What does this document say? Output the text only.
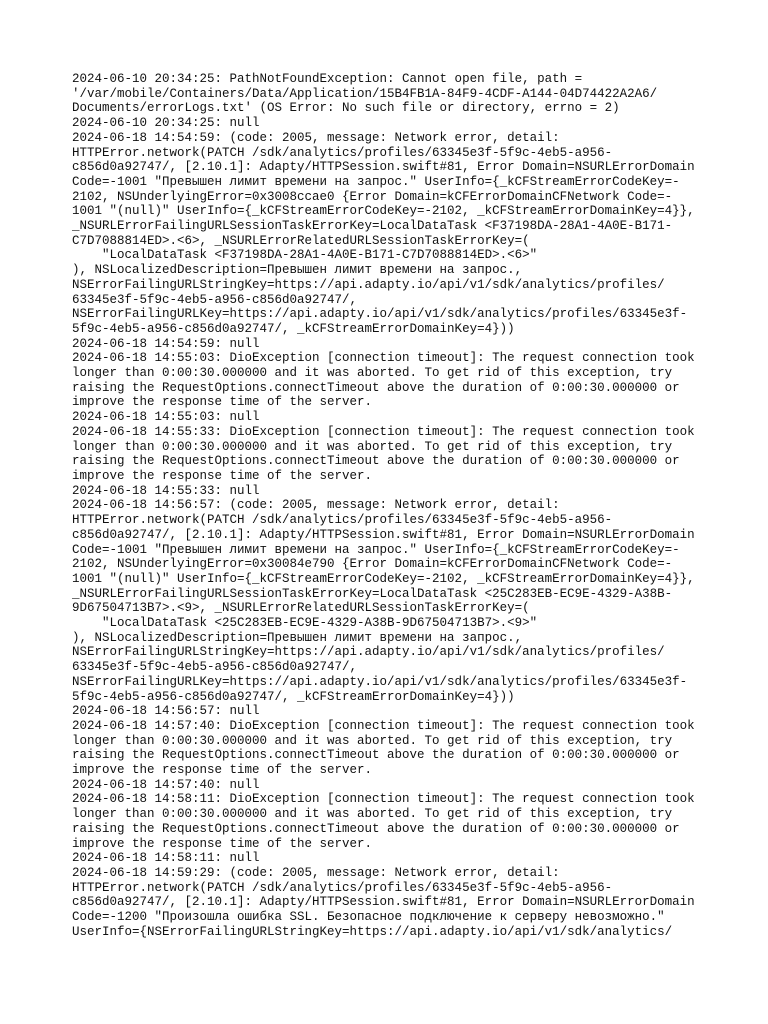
2024-06-10 20:34:25: PathNotFoundException: Cannot open file, path =
'/var/mobile/Containers/Data/Application/15B4FB1A-84F9-4CDF-A144-04D74422A2A6/
Documents/errorLogs.txt' (OS Error: No such file or directory, errno = 2)
2024-06-10 20:34:25: null
2024-06-18 14:54:59: (code: 2005, message: Network error, detail:
HTTPError.network(PATCH /sdk/analytics/profiles/63345e3f-5f9c-4eb5-a956-
c856d0a92747/, [2.10.1]: Adapty/HTTPSession.swift#81, Error Domain=NSURLErrorDomain
Code=-1001 "Превышен лимит времени на запрос." UserInfo={_kCFStreamErrorCodeKey=-
2102, NSUnderlyingError=0x3008ccae0 {Error Domain=kCFErrorDomainCFNetwork Code=-
1001 "(null)" UserInfo={_kCFStreamErrorCodeKey=-2102, _kCFStreamErrorDomainKey=4}},
_NSURLErrorFailingURLSessionTaskErrorKey=LocalDataTask <F37198DA-28A1-4A0E-B171-
C7D7088814ED>.<6>, _NSURLErrorRelatedURLSessionTaskErrorKey=(
"LocalDataTask <F37198DA-28A1-4A0E-B171-C7D7088814ED>.<6>"
), NSLocalizedDescription=Превышен лимит времени на запрос.,
NSErrorFailingURLStringKey=https://api.adapty.io/api/v1/sdk/analytics/profiles/
63345e3f-5f9c-4eb5-a956-c856d0a92747/,
NSErrorFailingURLKey=https://api.adapty.io/api/v1/sdk/analytics/profiles/63345e3f-
5f9c-4eb5-a956-c856d0a92747/, _kCFStreamErrorDomainKey=4}))
2024-06-18 14:54:59: null
2024-06-18 14:55:03: DioException [connection timeout]: The request connection took
longer than 0:00:30.000000 and it was aborted. To get rid of this exception, try
raising the RequestOptions.connectTimeout above the duration of 0:00:30.000000 or
improve the response time of the server.
2024-06-18 14:55:03: null
2024-06-18 14:55:33: DioException [connection timeout]: The request connection took
longer than 0:00:30.000000 and it was aborted. To get rid of this exception, try
raising the RequestOptions.connectTimeout above the duration of 0:00:30.000000 or
improve the response time of the server.
2024-06-18 14:55:33: null
2024-06-18 14:56:57: (code: 2005, message: Network error, detail:
HTTPError.network(PATCH /sdk/analytics/profiles/63345e3f-5f9c-4eb5-a956-
c856d0a92747/, [2.10.1]: Adapty/HTTPSession.swift#81, Error Domain=NSURLErrorDomain
Code=-1001 "Превышен лимит времени на запрос." UserInfo={_kCFStreamErrorCodeKey=-
2102, NSUnderlyingError=0x30084e790 {Error Domain=kCFErrorDomainCFNetwork Code=-
1001 "(null)" UserInfo={_kCFStreamErrorCodeKey=-2102, _kCFStreamErrorDomainKey=4}},
_NSURLErrorFailingURLSessionTaskErrorKey=LocalDataTask <25C283EB-EC9E-4329-A38B-
9D67504713B7>.<9>, _NSURLErrorRelatedURLSessionTaskErrorKey=(
"LocalDataTask <25C283EB-EC9E-4329-A38B-9D67504713B7>.<9>"
), NSLocalizedDescription=Превышен лимит времени на запрос.,
NSErrorFailingURLStringKey=https://api.adapty.io/api/v1/sdk/analytics/profiles/
63345e3f-5f9c-4eb5-a956-c856d0a92747/,
NSErrorFailingURLKey=https://api.adapty.io/api/v1/sdk/analytics/profiles/63345e3f-
5f9c-4eb5-a956-c856d0a92747/, _kCFStreamErrorDomainKey=4}))
2024-06-18 14:56:57: null
2024-06-18 14:57:40: DioException [connection timeout]: The request connection took
longer than 0:00:30.000000 and it was aborted. To get rid of this exception, try
raising the RequestOptions.connectTimeout above the duration of 0:00:30.000000 or
improve the response time of the server.
2024-06-18 14:57:40: null
2024-06-18 14:58:11: DioException [connection timeout]: The request connection took
longer than 0:00:30.000000 and it was aborted. To get rid of this exception, try
raising the RequestOptions.connectTimeout above the duration of 0:00:30.000000 or
improve the response time of the server.
2024-06-18 14:58:11: null
2024-06-18 14:59:29: (code: 2005, message: Network error, detail:
HTTPError.network(PATCH /sdk/analytics/profiles/63345e3f-5f9c-4eb5-a956-
c856d0a92747/, [2.10.1]: Adapty/HTTPSession.swift#81, Error Domain=NSURLErrorDomain
Code=-1200 "Произошла ошибка SSL. Безопасное подключение к серверу невозможно."
UserInfo={NSErrorFailingURLStringKey=https://api.adapty.io/api/v1/sdk/analytics/
